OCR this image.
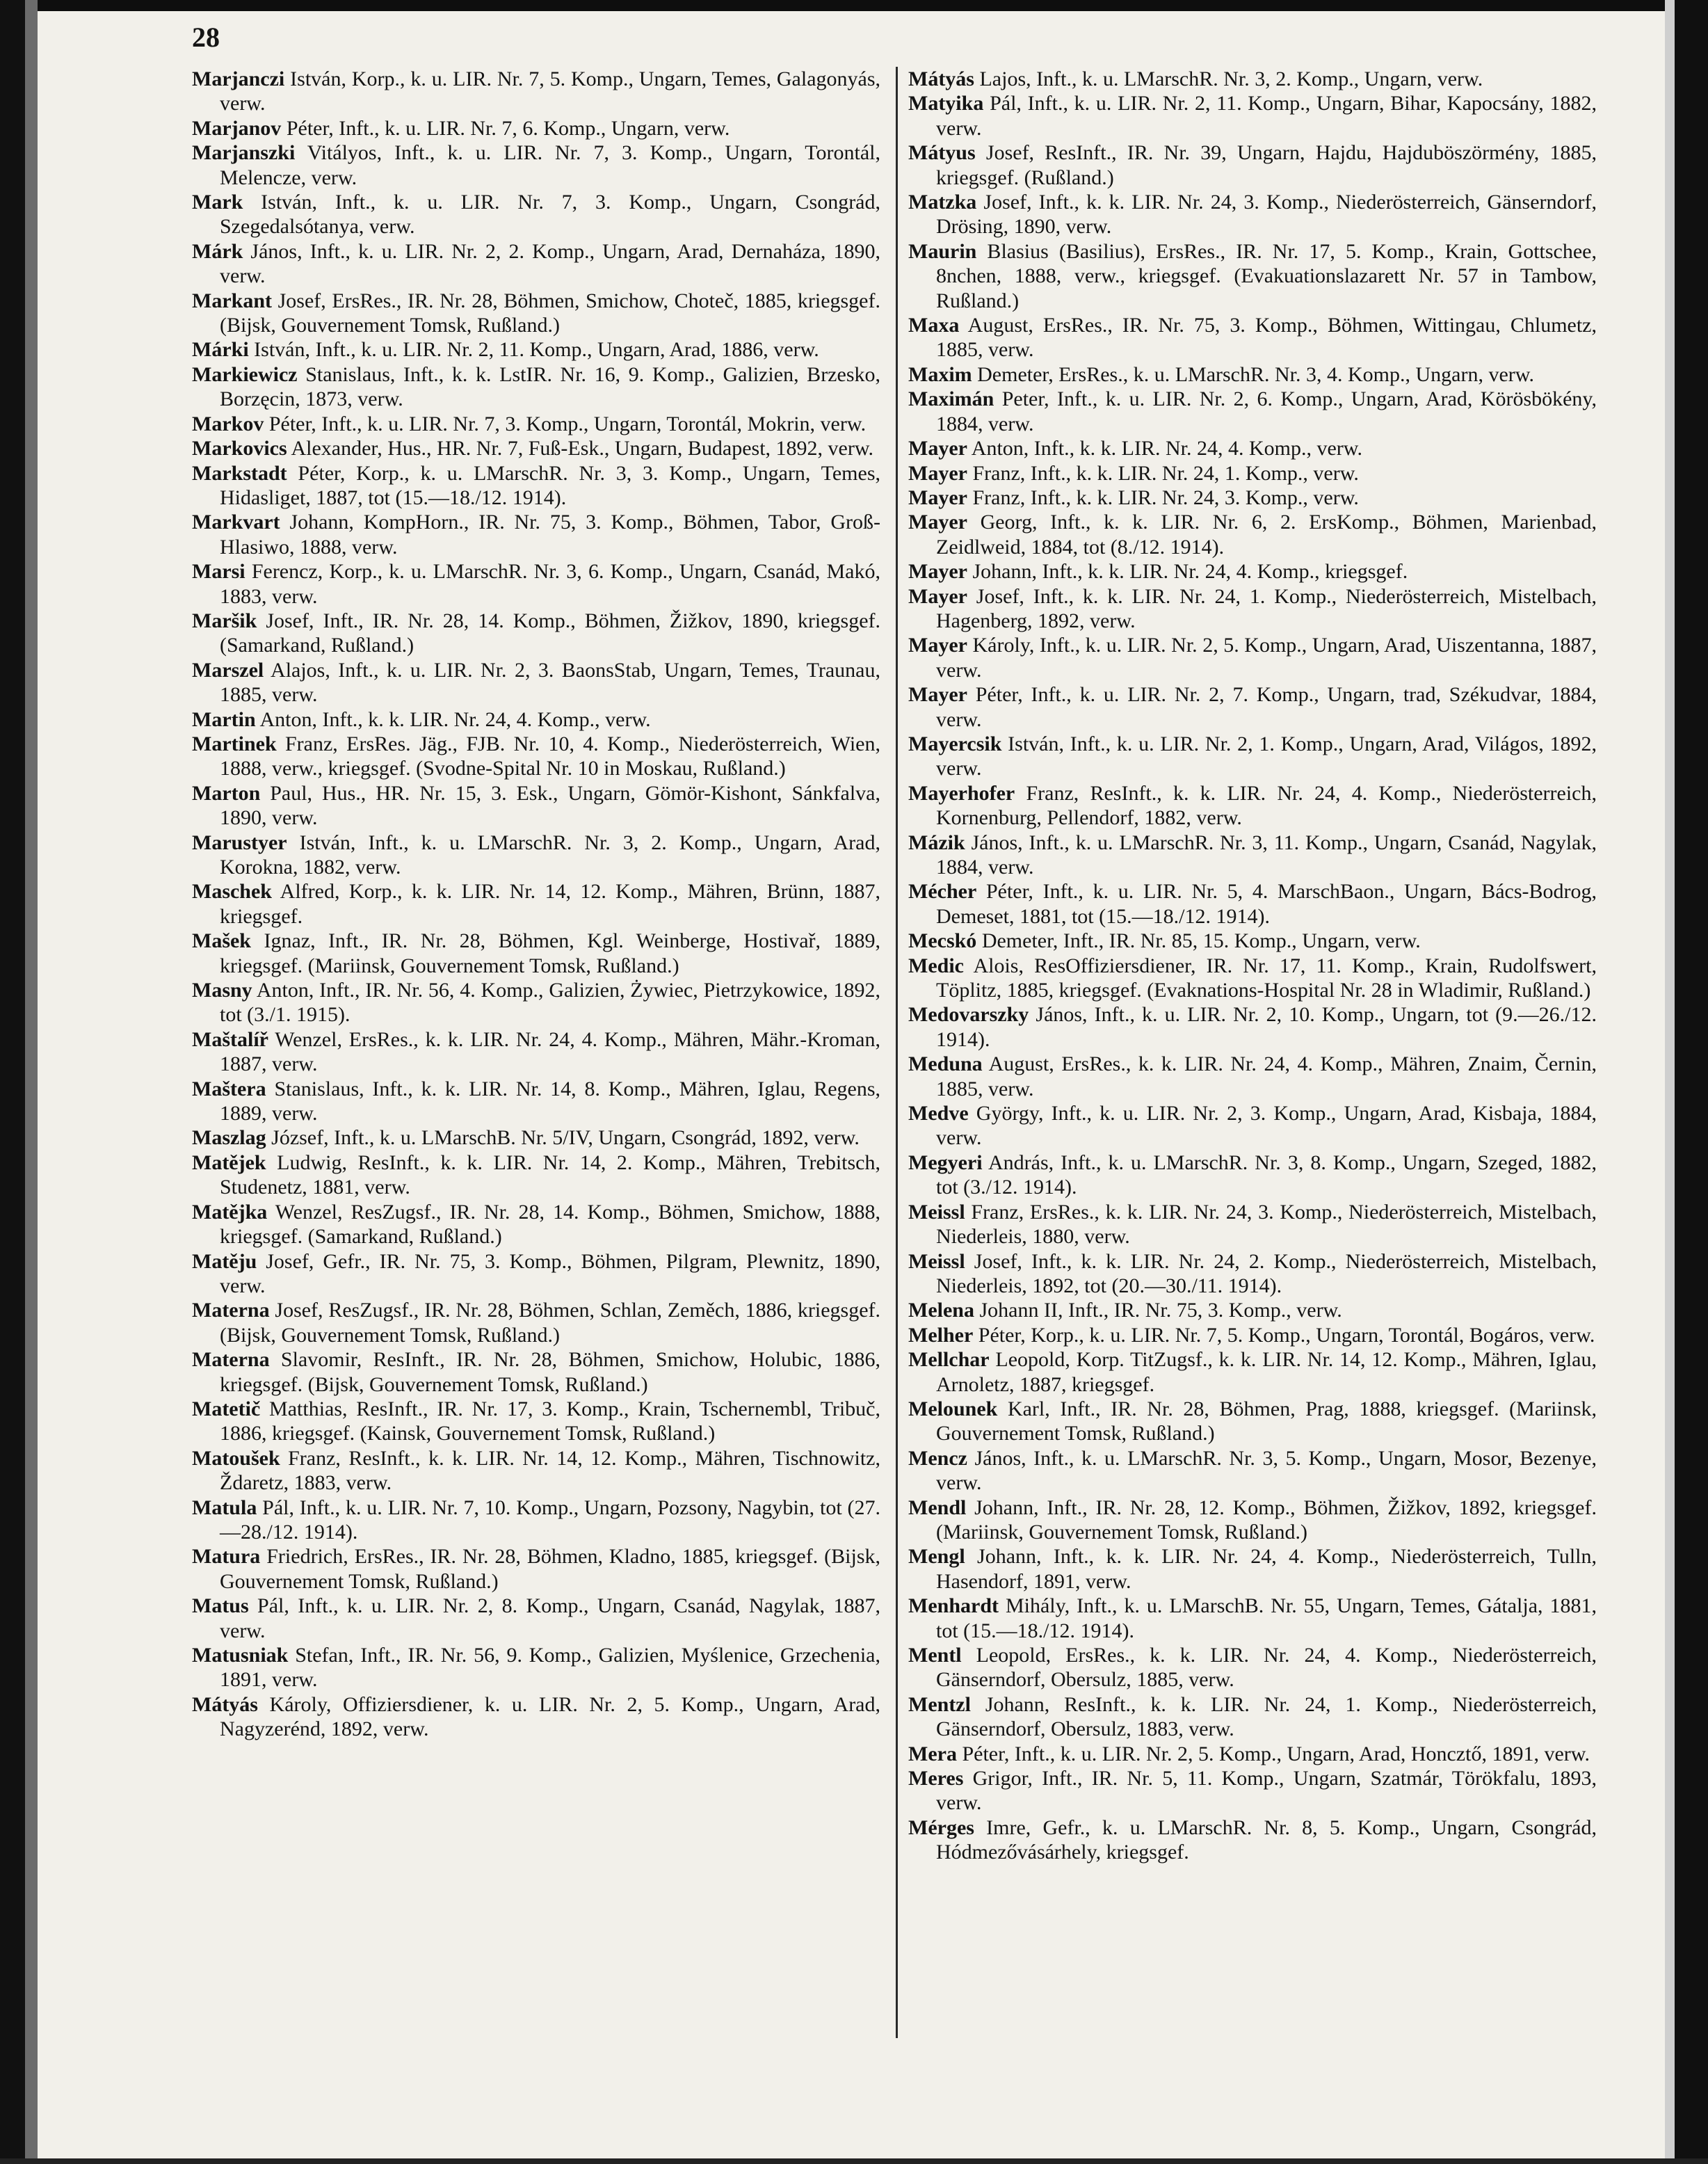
28

Marjanczi István, Korp., k. u. LIR. Nr. 7, 5. Komp., Ungarn, Temes, Galagonyás, verw.

Marjanov Péter, Inft., k. u. LIR. Nr. 7, 6. Komp., Ungarn, verw.

Marjanszki Vitályos, Inft., k. u. LIR. Nr. 7, 3. Komp., Ungarn, Torontál, Melencze, verw.

Mark István, Inft., k. u. LIR. Nr. 7, 3. Komp., Ungarn, Csongrád, Szegedalsótanya, verw.

Márk János, Inft., k. u. LIR. Nr. 2, 2. Komp., Ungarn, Arad, Dernaháza, 1890, verw.

Markant Josef, ErsRes., IR. Nr. 28, Böhmen, Smichow, Choteč, 1885, kriegsgef. (Bijsk, Gouvernement Tomsk, Rußland.)

Márki István, Inft., k. u. LIR. Nr. 2, 11. Komp., Ungarn, Arad, 1886, verw.

Markiewicz Stanislaus, Inft., k. k. LstIR. Nr. 16, 9. Komp., Galizien, Brzesko, Borzęcin, 1873, verw.

Markov Péter, Inft., k. u. LIR. Nr. 7, 3. Komp., Ungarn, Torontál, Mokrin, verw.

Markovics Alexander, Hus., HR. Nr. 7, Fuß-Esk., Ungarn, Budapest, 1892, verw.

Markstadt Péter, Korp., k. u. LMarschR. Nr. 3, 3. Komp., Ungarn, Temes, Hidasliget, 1887, tot (15.—18./12. 1914).

Markvart Johann, KompHorn., IR. Nr. 75, 3. Komp., Böhmen, Tabor, Groß-Hlasiwo, 1888, verw.

Marsi Ferencz, Korp., k. u. LMarschR. Nr. 3, 6. Komp., Ungarn, Csanád, Makó, 1883, verw.

Maršik Josef, Inft., IR. Nr. 28, 14. Komp., Böhmen, Žižkov, 1890, kriegsgef. (Samarkand, Rußland.)

Marszel Alajos, Inft., k. u. LIR. Nr. 2, 3. BaonsStab, Ungarn, Temes, Traunau, 1885, verw.

Martin Anton, Inft., k. k. LIR. Nr. 24, 4. Komp., verw.

Martinek Franz, ErsRes. Jäg., FJB. Nr. 10, 4. Komp., Niederösterreich, Wien, 1888, verw., kriegsgef. (Svodne-Spital Nr. 10 in Moskau, Rußland.)

Marton Paul, Hus., HR. Nr. 15, 3. Esk., Ungarn, Gömör-Kishont, Sánkfalva, 1890, verw.

Marustyer István, Inft., k. u. LMarschR. Nr. 3, 2. Komp., Ungarn, Arad, Korokna, 1882, verw.

Maschek Alfred, Korp., k. k. LIR. Nr. 14, 12. Komp., Mähren, Brünn, 1887, kriegsgef.

Mašek Ignaz, Inft., IR. Nr. 28, Böhmen, Kgl. Weinberge, Hostivař, 1889, kriegsgef. (Mariinsk, Gouvernement Tomsk, Rußland.)

Masny Anton, Inft., IR. Nr. 56, 4. Komp., Galizien, Żywiec, Pietrzykowice, 1892, tot (3./1. 1915).

Maštalíř Wenzel, ErsRes., k. k. LIR. Nr. 24, 4. Komp., Mähren, Mähr.-Kroman, 1887, verw.

Maštera Stanislaus, Inft., k. k. LIR. Nr. 14, 8. Komp., Mähren, Iglau, Regens, 1889, verw.

Maszlag József, Inft., k. u. LMarschB. Nr. 5/IV, Ungarn, Csongrád, 1892, verw.

Matějek Ludwig, ResInft., k. k. LIR. Nr. 14, 2. Komp., Mähren, Trebitsch, Studenetz, 1881, verw.

Matějka Wenzel, ResZugsf., IR. Nr. 28, 14. Komp., Böhmen, Smichow, 1888, kriegsgef. (Samarkand, Rußland.)

Matěju Josef, Gefr., IR. Nr. 75, 3. Komp., Böhmen, Pilgram, Plewnitz, 1890, verw.

Materna Josef, ResZugsf., IR. Nr. 28, Böhmen, Schlan, Zeměch, 1886, kriegsgef. (Bijsk, Gouvernement Tomsk, Rußland.)

Materna Slavomir, ResInft., IR. Nr. 28, Böhmen, Smichow, Holubic, 1886, kriegsgef. (Bijsk, Gouvernement Tomsk, Rußland.)

Matetič Matthias, ResInft., IR. Nr. 17, 3. Komp., Krain, Tschernembl, Tribuč, 1886, kriegsgef. (Kainsk, Gouvernement Tomsk, Rußland.)

Matoušek Franz, ResInft., k. k. LIR. Nr. 14, 12. Komp., Mähren, Tischnowitz, Ždaretz, 1883, verw.

Matula Pál, Inft., k. u. LIR. Nr. 7, 10. Komp., Ungarn, Pozsony, Nagybin, tot (27.—28./12. 1914).

Matura Friedrich, ErsRes., IR. Nr. 28, Böhmen, Kladno, 1885, kriegsgef. (Bijsk, Gouvernement Tomsk, Rußland.)

Matus Pál, Inft., k. u. LIR. Nr. 2, 8. Komp., Ungarn, Csanád, Nagylak, 1887, verw.

Matusniak Stefan, Inft., IR. Nr. 56, 9. Komp., Galizien, Myślenice, Grzechenia, 1891, verw.

Mátyás Károly, Offiziersdiener, k. u. LIR. Nr. 2, 5. Komp., Ungarn, Arad, Nagyzerénd, 1892, verw.

Mátyás Lajos, Inft., k. u. LMarschR. Nr. 3, 2. Komp., Ungarn, verw.

Matyika Pál, Inft., k. u. LIR. Nr. 2, 11. Komp., Ungarn, Bihar, Kapocsány, 1882, verw.

Mátyus Josef, ResInft., IR. Nr. 39, Ungarn, Hajdu, Hajduböszörmény, 1885, kriegsgef. (Rußland.)

Matzka Josef, Inft., k. k. LIR. Nr. 24, 3. Komp., Niederösterreich, Gänserndorf, Drösing, 1890, verw.

Maurin Blasius (Basilius), ErsRes., IR. Nr. 17, 5. Komp., Krain, Gottschee, 8nchen, 1888, verw., kriegsgef. (Evakuationslazarett Nr. 57 in Tambow, Rußland.)

Maxa August, ErsRes., IR. Nr. 75, 3. Komp., Böhmen, Wittingau, Chlumetz, 1885, verw.

Maxim Demeter, ErsRes., k. u. LMarschR. Nr. 3, 4. Komp., Ungarn, verw.

Maximán Peter, Inft., k. u. LIR. Nr. 2, 6. Komp., Ungarn, Arad, Körösbökény, 1884, verw.

Mayer Anton, Inft., k. k. LIR. Nr. 24, 4. Komp., verw.

Mayer Franz, Inft., k. k. LIR. Nr. 24, 1. Komp., verw.

Mayer Franz, Inft., k. k. LIR. Nr. 24, 3. Komp., verw.

Mayer Georg, Inft., k. k. LIR. Nr. 6, 2. ErsKomp., Böhmen, Marienbad, Zeidlweid, 1884, tot (8./12. 1914).

Mayer Johann, Inft., k. k. LIR. Nr. 24, 4. Komp., kriegsgef.

Mayer Josef, Inft., k. k. LIR. Nr. 24, 1. Komp., Niederösterreich, Mistelbach, Hagenberg, 1892, verw.

Mayer Károly, Inft., k. u. LIR. Nr. 2, 5. Komp., Ungarn, Arad, Uiszentanna, 1887, verw.

Mayer Péter, Inft., k. u. LIR. Nr. 2, 7. Komp., Ungarn, trad, Székudvar, 1884, verw.

Mayercsik István, Inft., k. u. LIR. Nr. 2, 1. Komp., Ungarn, Arad, Világos, 1892, verw.

Mayerhofer Franz, ResInft., k. k. LIR. Nr. 24, 4. Komp., Niederösterreich, Kornenburg, Pellendorf, 1882, verw.

Mázik János, Inft., k. u. LMarschR. Nr. 3, 11. Komp., Ungarn, Csanád, Nagylak, 1884, verw.

Mécher Péter, Inft., k. u. LIR. Nr. 5, 4. MarschBaon., Ungarn, Bács-Bodrog, Demeset, 1881, tot (15.—18./12. 1914).

Mecskó Demeter, Inft., IR. Nr. 85, 15. Komp., Ungarn, verw.

Medic Alois, ResOffiziersdiener, IR. Nr. 17, 11. Komp., Krain, Rudolfswert, Töplitz, 1885, kriegsgef. (Evaknations-Hospital Nr. 28 in Wladimir, Rußland.)

Medovarszky János, Inft., k. u. LIR. Nr. 2, 10. Komp., Ungarn, tot (9.—26./12. 1914).

Meduna August, ErsRes., k. k. LIR. Nr. 24, 4. Komp., Mähren, Znaim, Černin, 1885, verw.

Medve György, Inft., k. u. LIR. Nr. 2, 3. Komp., Ungarn, Arad, Kisbaja, 1884, verw.

Megyeri András, Inft., k. u. LMarschR. Nr. 3, 8. Komp., Ungarn, Szeged, 1882, tot (3./12. 1914).

Meissl Franz, ErsRes., k. k. LIR. Nr. 24, 3. Komp., Niederösterreich, Mistelbach, Niederleis, 1880, verw.

Meissl Josef, Inft., k. k. LIR. Nr. 24, 2. Komp., Niederösterreich, Mistelbach, Niederleis, 1892, tot (20.—30./11. 1914).

Melena Johann II, Inft., IR. Nr. 75, 3. Komp., verw.

Melher Péter, Korp., k. u. LIR. Nr. 7, 5. Komp., Ungarn, Torontál, Bogáros, verw.

Mellchar Leopold, Korp. TitZugsf., k. k. LIR. Nr. 14, 12. Komp., Mähren, Iglau, Arnoletz, 1887, kriegsgef.

Melounek Karl, Inft., IR. Nr. 28, Böhmen, Prag, 1888, kriegsgef. (Mariinsk, Gouvernement Tomsk, Rußland.)

Mencz János, Inft., k. u. LMarschR. Nr. 3, 5. Komp., Ungarn, Mosor, Bezenye, verw.

Mendl Johann, Inft., IR. Nr. 28, 12. Komp., Böhmen, Žižkov, 1892, kriegsgef. (Mariinsk, Gouvernement Tomsk, Rußland.)

Mengl Johann, Inft., k. k. LIR. Nr. 24, 4. Komp., Niederösterreich, Tulln, Hasendorf, 1891, verw.

Menhardt Mihály, Inft., k. u. LMarschB. Nr. 55, Ungarn, Temes, Gátalja, 1881, tot (15.—18./12. 1914).

Mentl Leopold, ErsRes., k. k. LIR. Nr. 24, 4. Komp., Niederösterreich, Gänserndorf, Obersulz, 1885, verw.

Mentzl Johann, ResInft., k. k. LIR. Nr. 24, 1. Komp., Niederösterreich, Gänserndorf, Obersulz, 1883, verw.

Mera Péter, Inft., k. u. LIR. Nr. 2, 5. Komp., Ungarn, Arad, Honcztő, 1891, verw.

Meres Grigor, Inft., IR. Nr. 5, 11. Komp., Ungarn, Szatmár, Törökfalu, 1893, verw.

Mérges Imre, Gefr., k. u. LMarschR. Nr. 8, 5. Komp., Ungarn, Csongrád, Hódmezővásárhely, kriegsgef.
